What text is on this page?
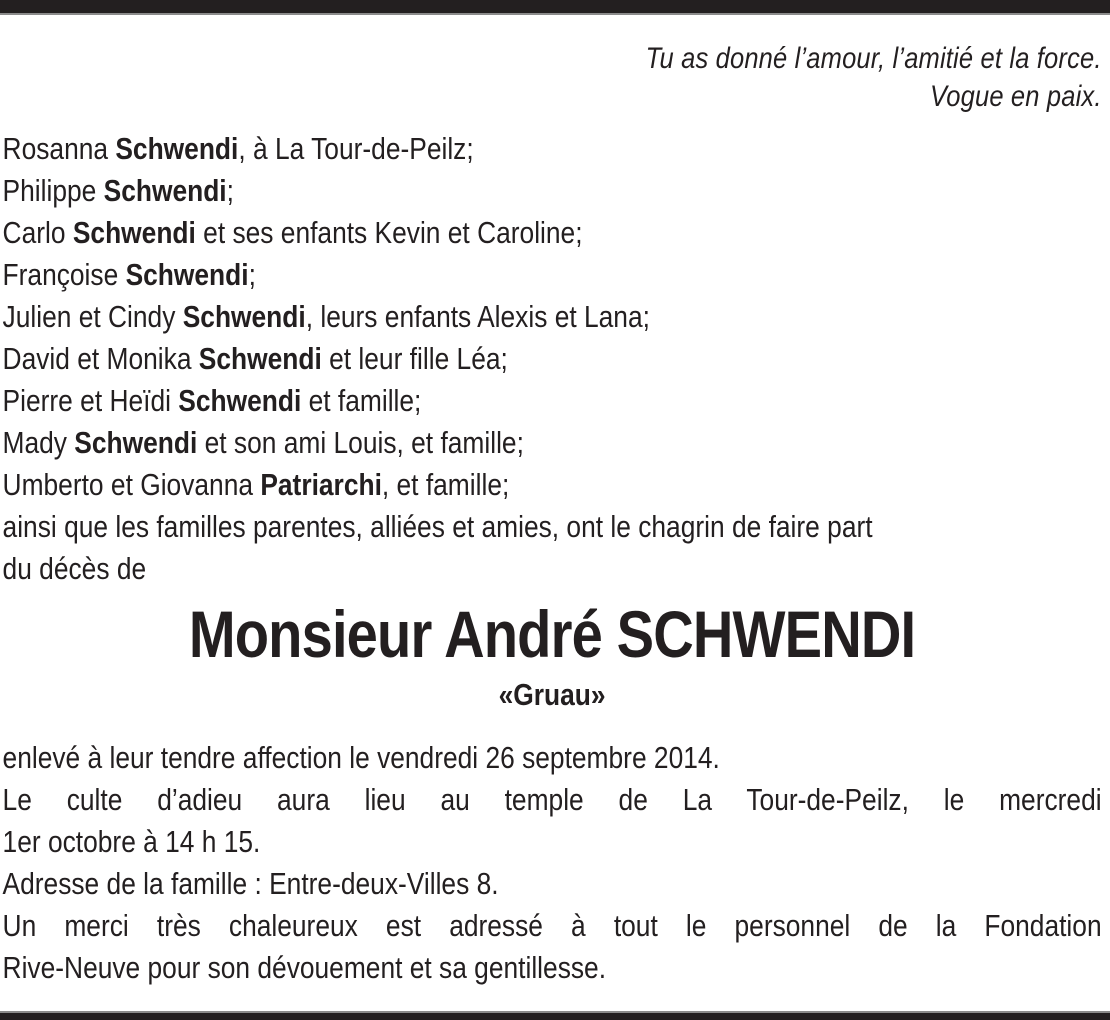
Tu as donné l’amour, l’amitié et la force.
Vogue en paix.
Rosanna Schwendi, à La Tour-de-Peilz;
Philippe Schwendi;
Carlo Schwendi et ses enfants Kevin et Caroline;
Françoise Schwendi;
Julien et Cindy Schwendi, leurs enfants Alexis et Lana;
David et Monika Schwendi et leur fille Léa;
Pierre et Heïdi Schwendi et famille;
Mady Schwendi et son ami Louis, et famille;
Umberto et Giovanna Patriarchi, et famille;
ainsi que les familles parentes, alliées et amies, ont le chagrin de faire part
du décès de
Monsieur André SCHWENDI
«Gruau»
enlevé à leur tendre affection le vendredi 26 septembre 2014.
Le culte d’adieu aura lieu au temple de La Tour-de-Peilz, le mercredi
1er octobre à 14 h 15.
Adresse de la famille : Entre-deux-Villes 8.
Un merci très chaleureux est adressé à tout le personnel de la Fondation
Rive-Neuve pour son dévouement et sa gentillesse.
